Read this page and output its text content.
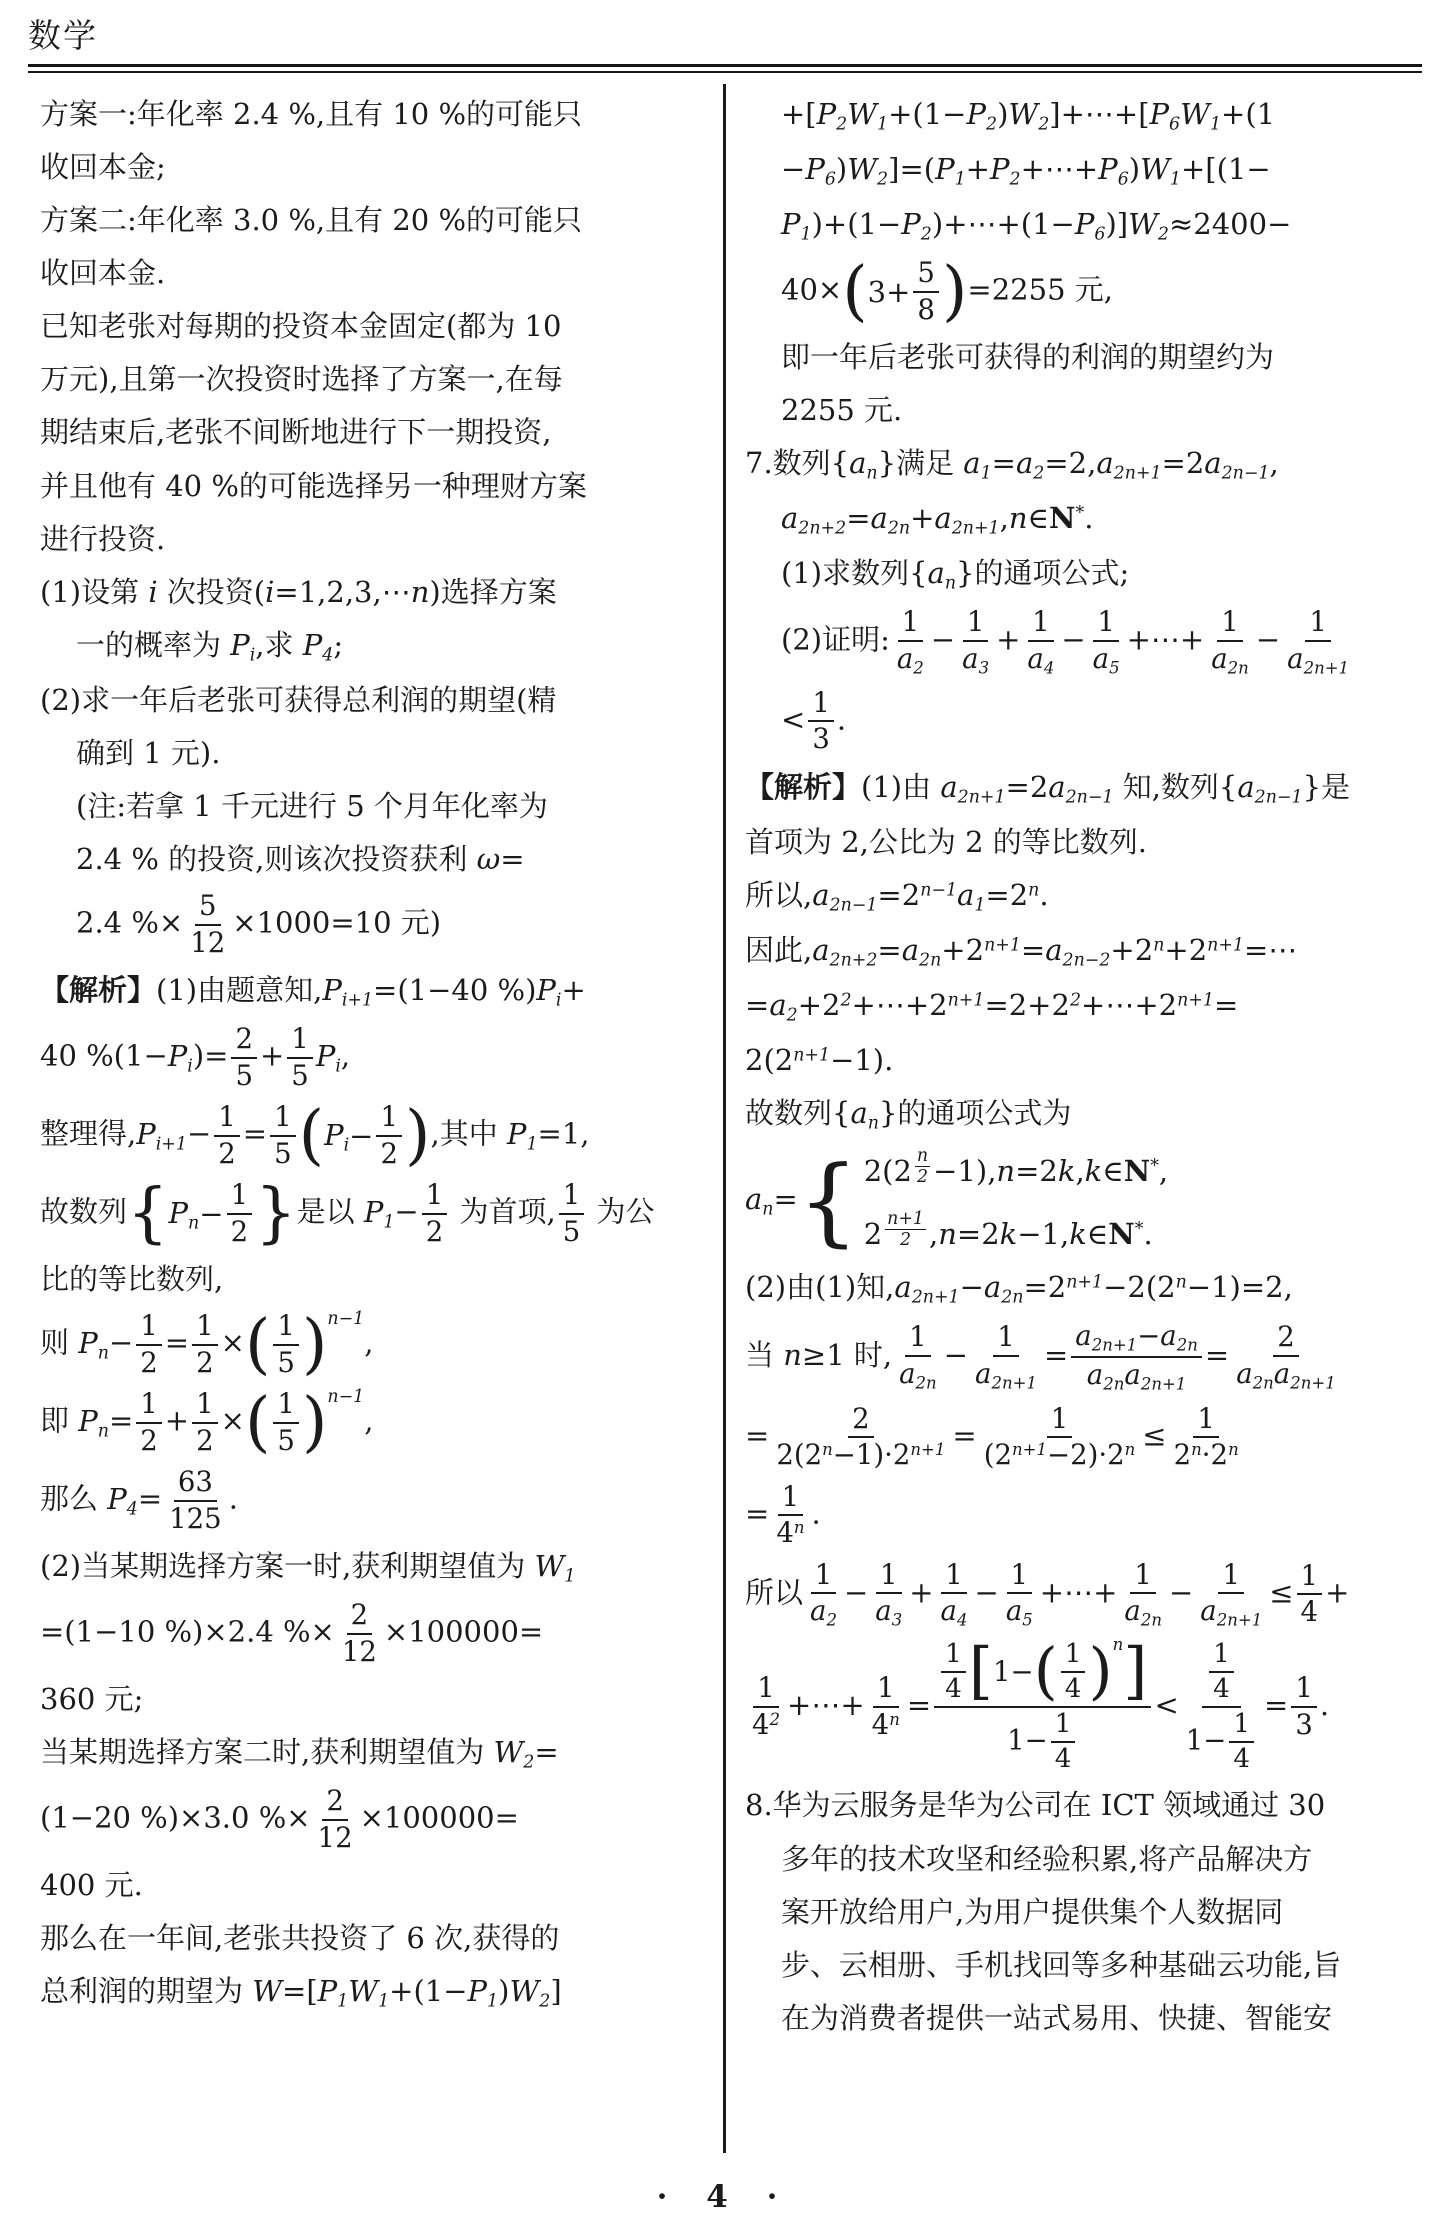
数学
方案一:年化率 2.4 %,且有 10 %的可能只
收回本金;
方案二:年化率 3.0 %,且有 20 %的可能只
收回本金.
已知老张对每期的投资本金固定(都为 10
万元),且第一次投资时选择了方案一,在每
期结束后,老张不间断地进行下一期投资,
并且他有 40 %的可能选择另一种理财方案
进行投资.
(1)设第 i 次投资(i=1,2,3,⋯n)选择方案
一的概率为 Pi,求 P4;
(2)求一年后老张可获得总利润的期望(精
确到 1 元).
(注:若拿 1 千元进行 5 个月年化率为
2.4 % 的投资,则该次投资获利 ω=
2.4 %× $\frac{5}{12} \times 1000=10$ 元)
【解析】(1)由题意知,Pi+1=(1−40 %)Pi+
40 $\%(1-Pi)= \frac{2}{5} + \frac{1}{5} Pi$,
整理得$,Pi+1- \frac{1}{2} = \frac{1}{5}$ ( $Pi - \frac{1}{2}$ ) ,其中 P1=1,
故数列 { $Pn - \frac{1}{2}$ } 是以 $P1- \frac{1}{2}$ 为首项, $\frac{1}{5}$ 为公
比的等比数列,
则 $Pn- \frac{1}{2} = \frac{1}{2}$ × ( 1
5 ) n−1
,
即 $Pn= \frac{1}{2} + \frac{1}{2}$ × ( 1
5 ) n−1
,
那么 $P4= \frac{63}{125}$ .
(2)当某期选择方案一时,获利期望值为 W1
=(1−10 %)×2.4 %× $\frac{2}{12} \times 100000=$
360 元;
当某期选择方案二时,获利期望值为 W2=
(1−20 %)×3.0 %× $\frac{2}{12} \times 100000=$
400 元.
那么在一年间,老张共投资了 6 次,获得的
总利润的期望为 W=[P1W1+(1−P1)W2]
+[P2W1+(1−P2)W2]+⋯+[P6W1+(1
−P6)W2]=(P1+P2+⋯+P6)W1+[(1−
P1)+(1−P2)+⋯+(1−P6)]W2≈2400−
40× ( $3+ \frac{5}{8}$ ) =2255 元,
即一年后老张可获得的利润的期望约为
2255 元.
7.数列{an}满足 a1=a2=2,a2n+1=2a2n−1,
a2n+2=a2n+a2n+1,n∈N*.
(1)求数列{an}的通项公式;
(2)证明: $\frac{1}{a2} - \frac{1}{a3} + \frac{1}{a4} - \frac{1}{a5}$ +⋯+ $\frac{1}{a2n} - \frac{1}{a2n+1}$
< $\frac{1}{3}$ .
【解析】(1)由 a2n+1=2a2n−1 知,数列{a2n−1}是
首项为 2,公比为 2 的等比数列.
所以$,a2n-1=2^{n-1}a1=2^n$.
因此$,a2n+2=a2n+2^{n+1}=a2n-2+2^n+2^{n+1}=\cdots$
$=a2+2^2+\cdots+2^{n+1}=2+2^2+\cdots+2^{n+1}=$
$2(2^{n+1}-1)$.
故数列{an}的通项公式为
an= { 2(2 $^{\frac{n}{2}}$ −1),n=2k,k∈N*,
2 $^{\frac{n+1}{2}}$ ,n=2k−1,k∈N*.
(2)由(1)知$,a2n+1-a2n=2^{n+1}-2(2^n-1)=2$,
当 n≥1 时, $\frac{1}{a2n} - \frac{1}{a2n+1} = \frac{a2n+1-a2n}{a2na2n+1} = \frac{2}{a2na2n+1}$
= $\frac{2}{2(2^n-1)\cdot 2^{n+1}} = \frac{1}{(2^{n+1}-2)\cdot 2^n} \le \frac{1}{2^n\cdot 2^n}$
= $\frac{1}{4^n}$ .
所以 $\frac{1}{a2} - \frac{1}{a3} + \frac{1}{a4} - \frac{1}{a5}$ +⋯+ $\frac{1}{a2n} - \frac{1}{a2n+1} \le \frac{1}{4}$ +
$\frac{1}{4^2}$ +⋯+ $\frac{1}{4^n} = \frac{1}{4}$ [ 1− ( 1
4 ) n ]
$1- \frac{1}{4} < \frac{\frac{1}{4}}{1- \frac{1}{4}} = \frac{1}{3}$ .
8.华为云服务是华为公司在 ICT 领域通过 30
多年的技术攻坚和经验积累,将产品解决方
案开放给用户,为用户提供集个人数据同
步、云相册、手机找回等多种基础云功能,旨
在为消费者提供一站式易用、快捷、智能安
· 4 ·
